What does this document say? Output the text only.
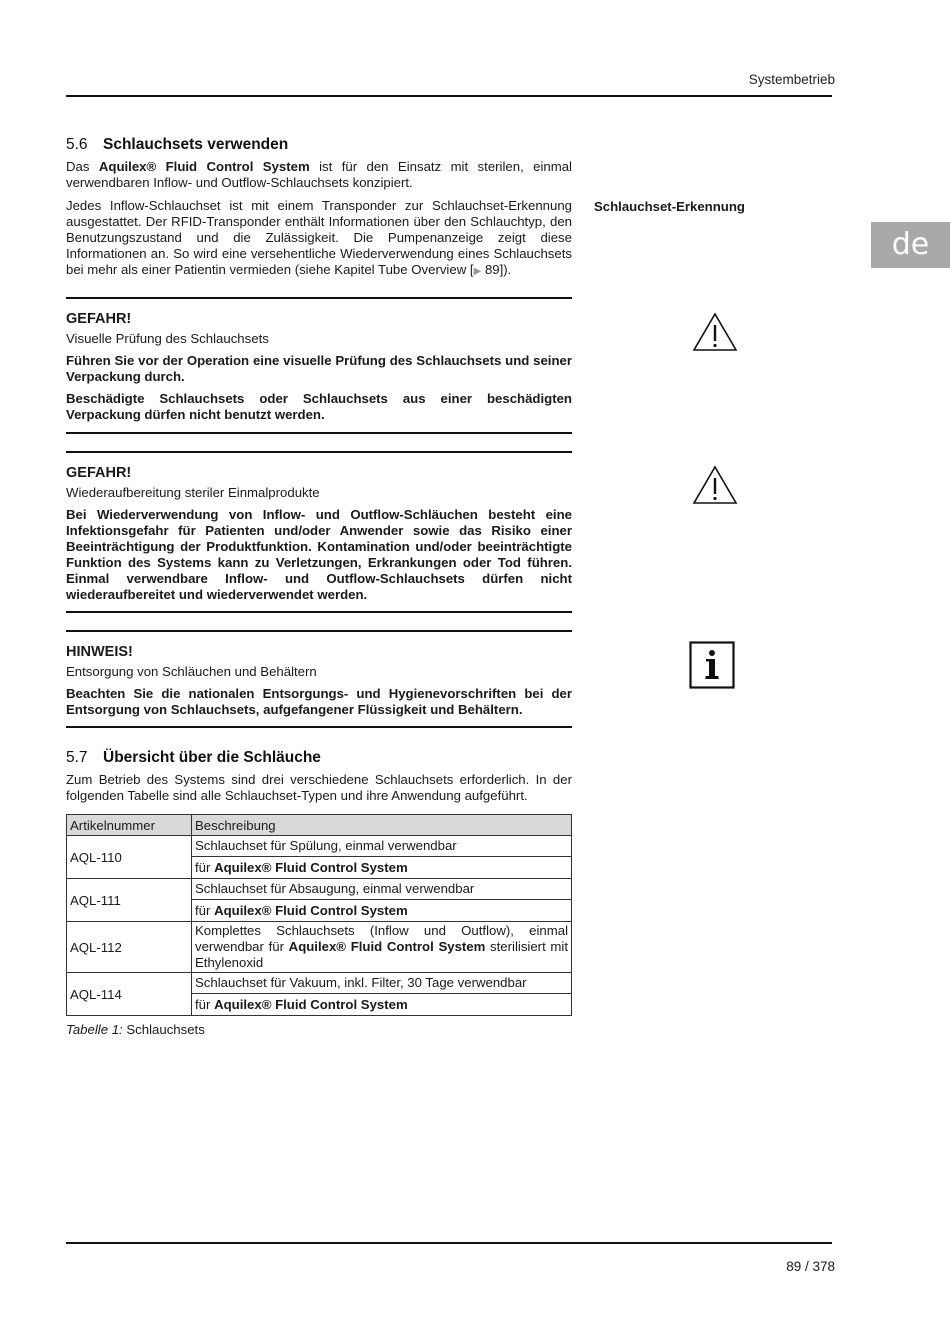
Systembetrieb
de
5.6 Schlauchsets verwenden

Das Aquilex® Fluid Control System ist für den Einsatz mit sterilen, einmal verwendbaren Inflow- und Outflow-Schlauchsets konzipiert.

Jedes Inflow-Schlauchset ist mit einem Transponder zur Schlauchset-Erkennung ausgestattet. Der RFID-Transponder enthält Informationen über den Schlauchtyp, den Benutzungszustand und die Zulässigkeit. Die Pumpenanzeige zeigt diese Informationen an. So wird eine versehentliche Wiederverwendung eines Schlauchsets bei mehr als einer Patientin vermieden (siehe Kapitel Tube Overview [▶ 89]).

Schlauchset-Erkennung
GEFAHR!
Visuelle Prüfung des Schlauchsets
Führen Sie vor der Operation eine visuelle Prüfung des Schlauchsets und seiner Verpackung durch.
Beschädigte Schlauchsets oder Schlauchsets aus einer beschädigten Verpackung dürfen nicht benutzt werden.
GEFAHR!
Wiederaufbereitung steriler Einmalprodukte
Bei Wiederverwendung von Inflow- und Outflow-Schläuchen besteht eine Infektionsgefahr für Patienten und/oder Anwender sowie das Risiko einer Beeinträchtigung der Produktfunktion. Kontamination und/oder beeinträchtigte Funktion des Systems kann zu Verletzungen, Erkrankungen oder Tod führen. Einmal verwendbare Inflow- und Outflow-Schlauchsets dürfen nicht wiederaufbereitet und wiederverwendet werden.
HINWEIS!
Entsorgung von Schläuchen und Behältern
Beachten Sie die nationalen Entsorgungs- und Hygienevorschriften bei der Entsorgung von Schlauchsets, aufgefangener Flüssigkeit und Behältern.
5.7 Übersicht über die Schläuche

Zum Betrieb des Systems sind drei verschiedene Schlauchsets erforderlich. In der folgenden Tabelle sind alle Schlauchset-Typen und ihre Anwendung aufgeführt.

Artikelnummer	Beschreibung
AQL-110	Schlauchset für Spülung, einmal verwendbar
für Aquilex® Fluid Control System

AQL-111	Schlauchset für Absaugung, einmal verwendbar
für Aquilex® Fluid Control System

AQL-112	Komplettes Schlauchsets (Inflow und Outflow), einmal verwendbar für Aquilex® Fluid Control System sterilisiert mit Ethylenoxid
AQL-114	Schlauchset für Vakuum, inkl. Filter, 30 Tage verwendbar
für Aquilex® Fluid Control System
Tabelle 1: Schlauchsets
89 / 378
